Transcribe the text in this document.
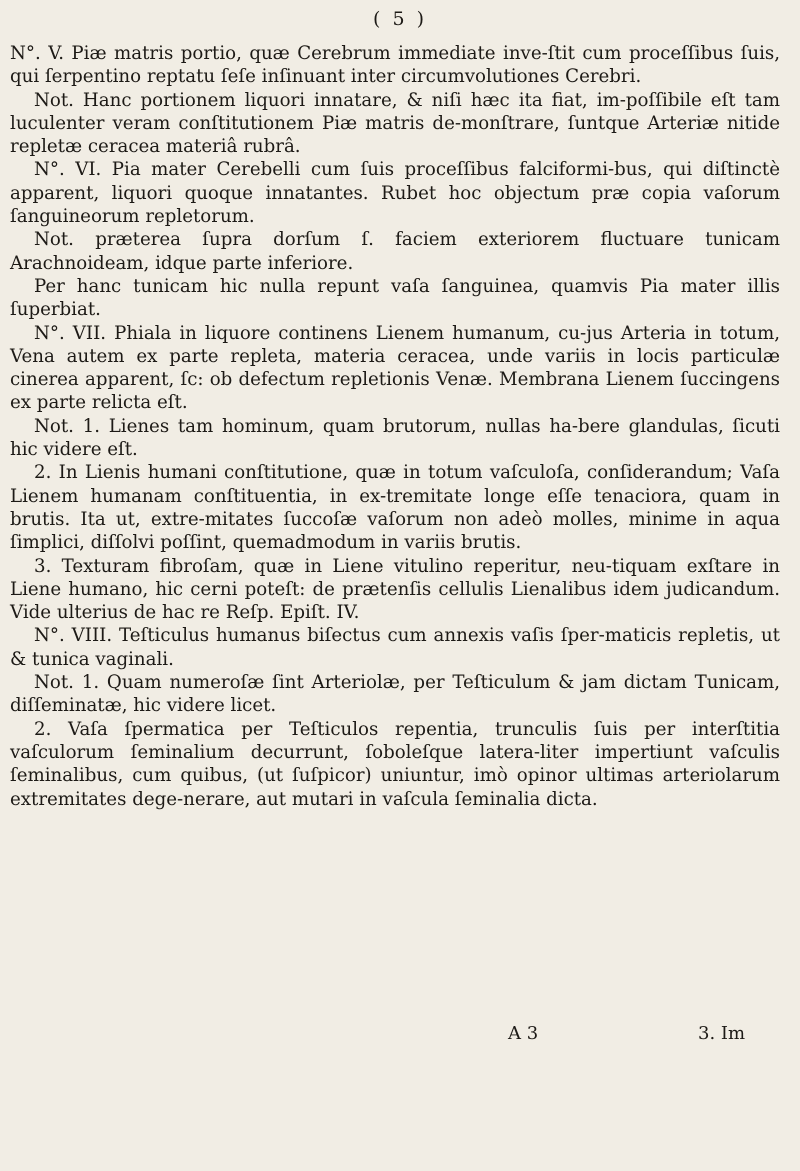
( 5 )

N°. V. Piæ matris portio, quæ Cerebrum immediate inve-ſtit cum proceſſibus ſuis, qui ſerpentino reptatu ſeſe inſinuant inter circumvolutiones Cerebri.

Not. Hanc portionem liquori innatare, & niſi hæc ita fiat, im-poſſibile eſt tam luculenter veram conſtitutionem Piæ matris de-monſtrare, ſuntque Arteriæ nitide repletæ ceracea materiâ rubrâ.

N°. VI. Pia mater Cerebelli cum ſuis proceſſibus falciformi-bus, qui diſtinctè apparent, liquori quoque innatantes. Rubet hoc objectum præ copia vaſorum ſanguineorum repletorum.

Not. præterea ſupra dorſum ſ. faciem exteriorem fluctuare tunicam Arachnoideam, idque parte inferiore.

Per hanc tunicam hic nulla repunt vaſa ſanguinea, quamvis Pia mater illis ſuperbiat.

N°. VII. Phiala in liquore continens Lienem humanum, cu-jus Arteria in totum, Vena autem ex parte repleta, materia ceracea, unde variis in locis particulæ cinerea apparent, ſc: ob defectum repletionis Venæ. Membrana Lienem ſuccingens ex parte relicta eſt.

Not. 1. Lienes tam hominum, quam brutorum, nullas ha-bere glandulas, ſicuti hic videre eſt.

2. In Lienis humani conſtitutione, quæ in totum vaſculoſa, conſiderandum; Vaſa Lienem humanam conſtituentia, in ex-tremitate longe eſſe tenaciora, quam in brutis. Ita ut, extre-mitates ſuccoſæ vaſorum non adeò molles, minime in aqua ſimplici, diſſolvi poſſint, quemadmodum in variis brutis.

3. Texturam fibroſam, quæ in Liene vitulino reperitur, neu-tiquam exſtare in Liene humano, hic cerni poteſt: de prætenſis cellulis Lienalibus idem judicandum. Vide ulterius de hac re Reſp. Epiſt. IV.

N°. VIII. Teſticulus humanus biſectus cum annexis vaſis ſper-maticis repletis, ut & tunica vaginali.

Not. 1. Quam numeroſæ ſint Arteriolæ, per Teſticulum & jam dictam Tunicam, diſſeminatæ, hic videre licet.

2. Vaſa ſpermatica per Teſticulos repentia, trunculis ſuis per interſtitia vaſculorum ſeminalium decurrunt, ſoboleſque latera-liter impertiunt vaſculis ſeminalibus, cum quibus, (ut ſuſpicor) uniuntur, imò opinor ultimas arteriolarum extremitates dege-nerare, aut mutari in vaſcula ſeminalia dicta.

A 3	3. Im
